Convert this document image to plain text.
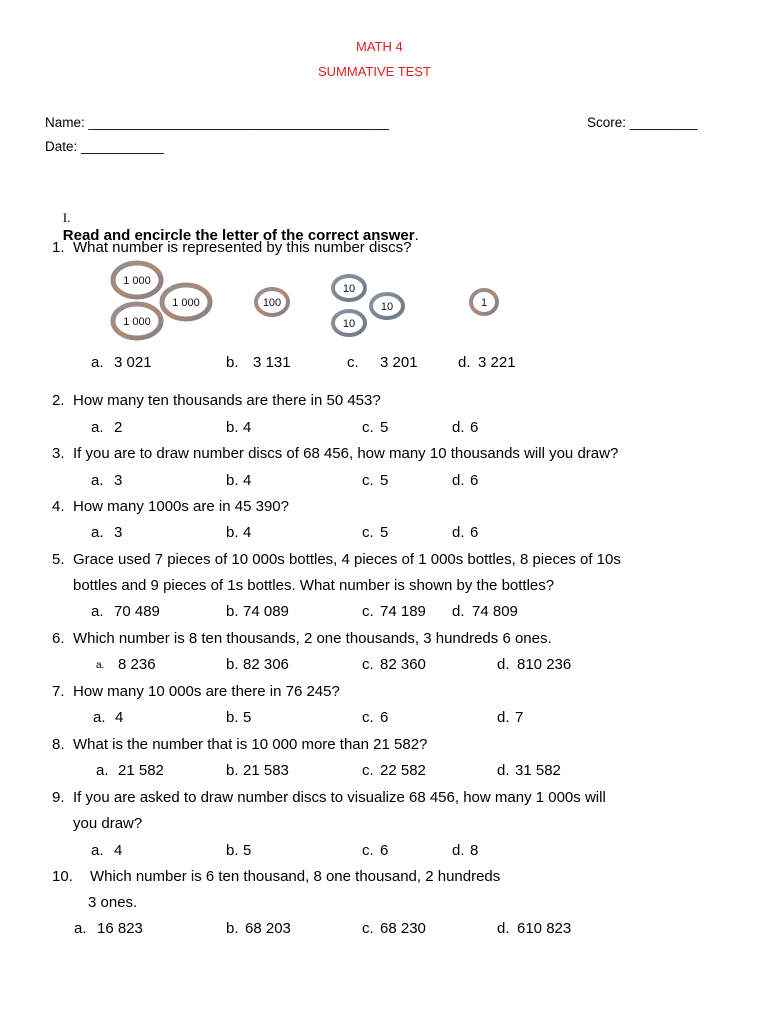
MATH 4
SUMMATIVE TEST
Name: ________________________________________	Score: _________
Date: ___________

I.
Read and encircle the letter of the correct answer.

1 000
1 000
1 000
100
10
10
10
1
1. What number is represented by this number discs?
a. 3 021	b. 3 131	c. 3 201	d. 3 221
2. How many ten thousands are there in 50 453?
a. 2	b. 4	c. 5	d. 6
3. If you are to draw number discs of 68 456, how many 10 thousands will you draw?
a. 3	b. 4	c. 5	d. 6
4. How many 1000s are in 45 390?
a. 3	b. 4	c. 5	d. 6
5. Grace used 7 pieces of 10 000s bottles, 4 pieces of 1 000s bottles, 8 pieces of 10s
bottles and 9 pieces of 1s bottles. What number is shown by the bottles?
a. 70 489	b. 74 089	c. 74 189 d. 74 809
6. Which number is 8 ten thousands, 2 one thousands, 3 hundreds 6 ones.
a. 8 236	b. 82 306	c. 82 360	d. 810 236
7. How many 10 000s are there in 76 245?
a. 4	b. 5	c. 6	d. 7
8. What is the number that is 10 000 more than 21 582?
a. 21 582	b. 21 583	c. 22 582	d. 31 582
9. If you are asked to draw number discs to visualize 68 456, how many 1 000s will
you draw?
a. 4	b. 5	c. 6	d. 8
10. Which number is 6 ten thousand, 8 one thousand, 2 hundreds
3 ones.
a. 16 823	b. 68 203	c. 68 230	d. 610 823
